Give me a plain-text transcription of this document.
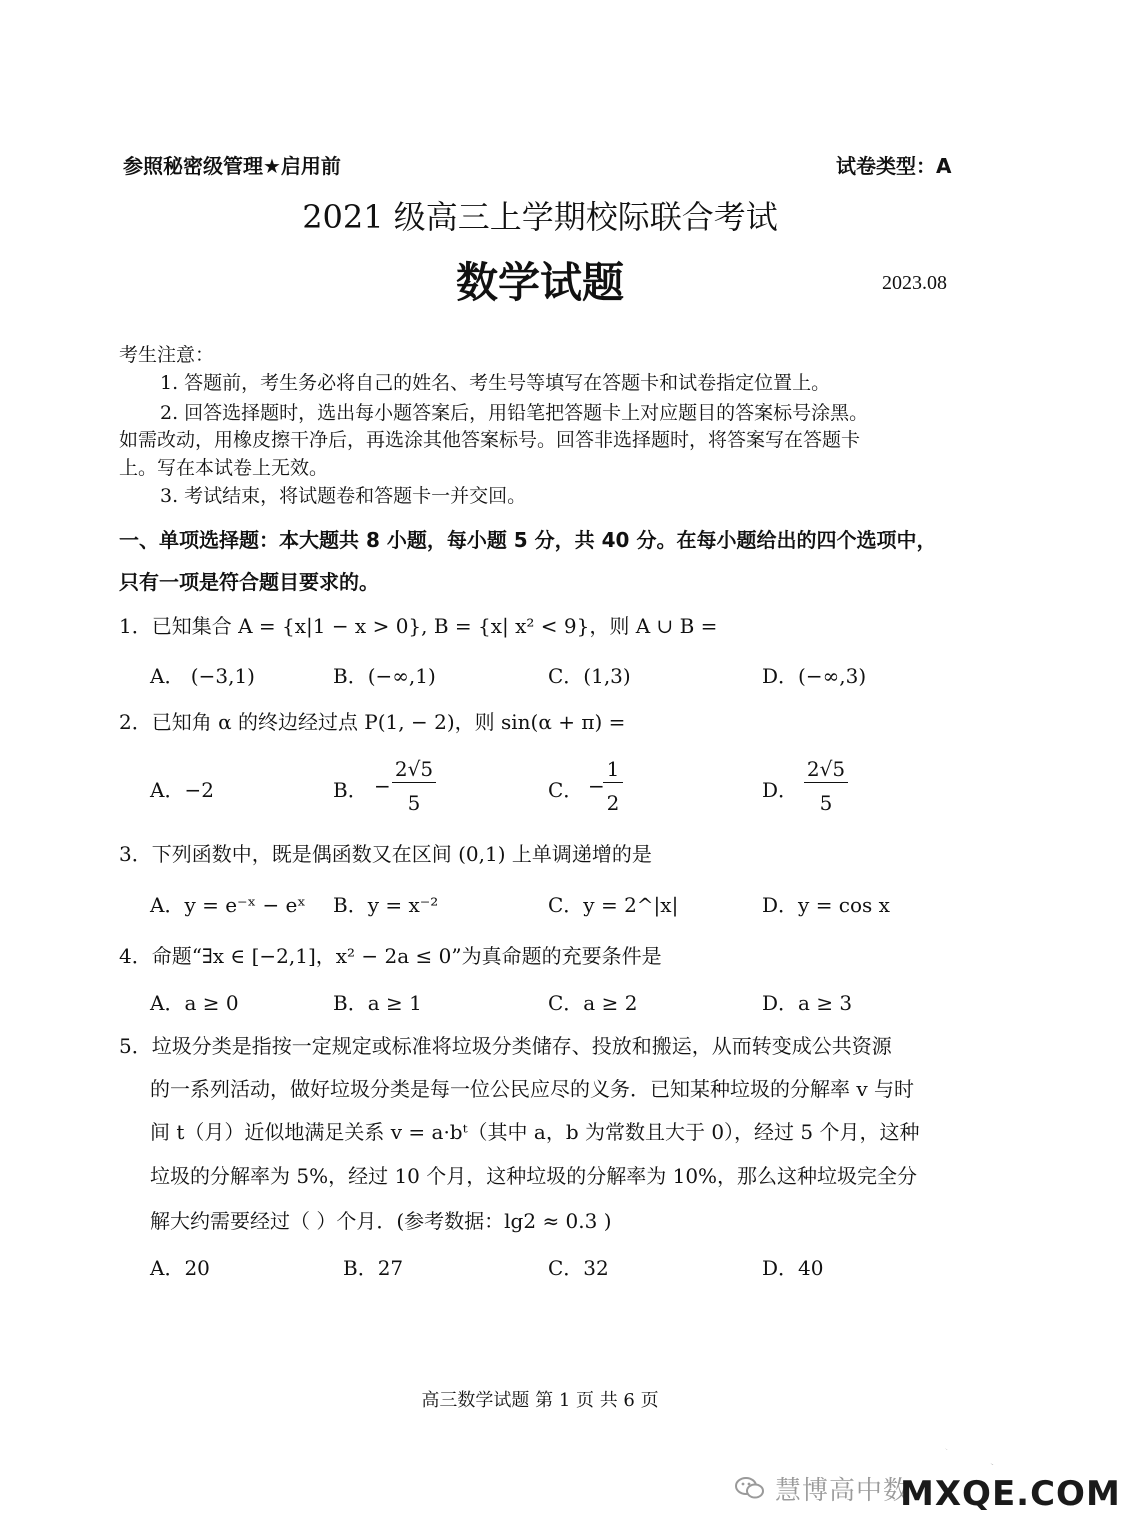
参照秘密级管理★启用前	试卷类型：A
2021 级高三上学期校际联合考试
数学试题	2023.08
考生注意：
1. 答题前，考生务必将自己的姓名、考生号等填写在答题卡和试卷指定位置上。
2. 回答选择题时，选出每小题答案后，用铅笔把答题卡上对应题目的答案标号涂黑。
如需改动，用橡皮擦干净后，再选涂其他答案标号。回答非选择题时，将答案写在答题卡
上。写在本试卷上无效。
3. 考试结束，将试题卷和答题卡一并交回。
一、单项选择题：本大题共 8 小题，每小题 5 分，共 40 分。在每小题给出的四个选项中，
只有一项是符合题目要求的。
1．已知集合 A = {x|1 − x > 0}, B = {x| x² < 9}，则 A ∪ B =
A． (−3,1)	B．(−∞,1)	C．(1,3)	D．(−∞,3)
2．已知角 α 的终边经过点 P(1, − 2)，则 sin(α + π) =
A．−2	B． −
2√5
5
C． −
1
2
D．
2√5
5
3．下列函数中，既是偶函数又在区间 (0,1) 上单调递增的是
A．y = e⁻ˣ − eˣ B．y = x⁻²	C．y = 2^|x|	D．y = cos x
4．命题“∃x ∈ [−2,1]，x² − 2a ≤ 0”为真命题的充要条件是
A．a ≥ 0	B．a ≥ 1	C．a ≥ 2	D．a ≥ 3
5．垃圾分类是指按一定规定或标准将垃圾分类储存、投放和搬运，从而转变成公共资源
的一系列活动，做好垃圾分类是每一位公民应尽的义务．已知某种垃圾的分解率 v 与时
间 t（月）近似地满足关系 v = a·bᵗ（其中 a，b 为常数且大于 0），经过 5 个月，这种
垃圾的分解率为 5%，经过 10 个月，这种垃圾的分解率为 10%，那么这种垃圾完全分
解大约需要经过（ ）个月．(参考数据：lg2 ≈ 0.3 )
A．20	B．27	C．32	D．40
高三数学试题 第 1 页 共 6 页
慧博高中数
答案圈
MXQE.COM
